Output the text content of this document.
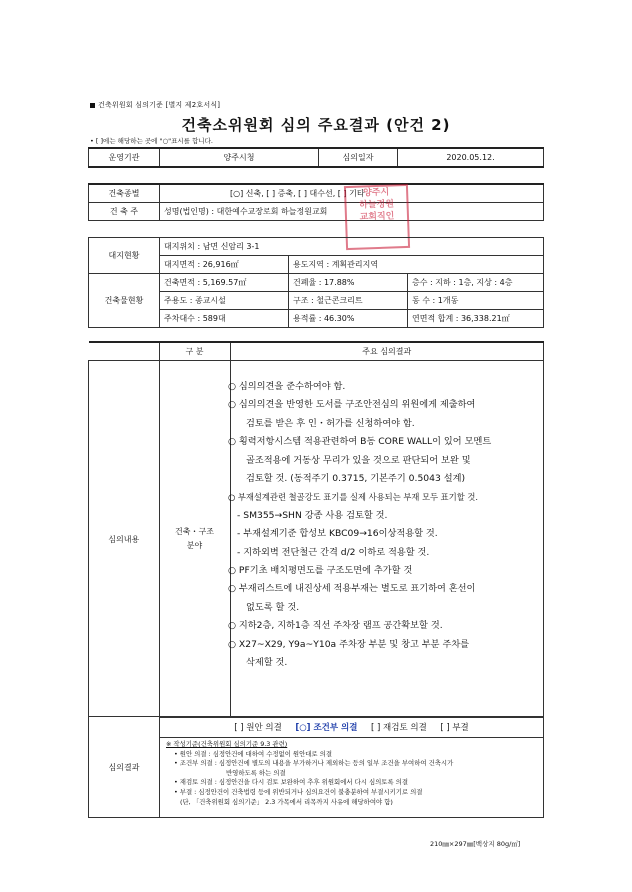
건축위원회 심의기준 [별지 제2호서식]
건축소위원회 심의 주요결과 (안건 2)
• [ ]에는 해당하는 곳에 "○"표시를 합니다.
운영기관	양주시청	심의일자	2020.05.12.
건축종별	[○] 신축, [ ] 증축, [ ] 대수선, [ ] 기타
건 축 주	성명(법인명) : 대한예수교장로회 하늘정원교회
양주시
하늘정원
교회직인
대지현황	대지위치 : 남면 신암리 3-1		
	대지면적 : 26,916㎡	용도지역 : 계획관리지역	
건축물현황	건축면적 : 5,169.57㎡	건폐율 : 17.88%	층수 : 지하 : 1층, 지상 : 4층
	주용도 : 종교시설	구조 : 철근콘크리트	동 수 : 1개동
	주차대수 : 589대	용적률 : 46.30%	연면적 합계 : 36,338.21㎡
	구 분	주요 심의결과
심의내용	건축・구조
분야	
○ 심의의견을 준수하여야 함.
○ 심의의견을 반영한 도서를 구조안전심의 위원에게 제출하여
검토를 받은 후 인・허가를 신청하여야 함.
○ 횡력저항시스템 적용관련하여 B동 CORE WALL이 있어 모멘트
골조적용에 거동상 무리가 있을 것으로 판단되어 보완 및
검토할 것. (동적주기 0.3715, 기본주기 0.5043 설계)
○ 부재설계관련 철골강도 표기를 실제 사용되는 부재 모두 표기할 것.
- SM355→SHN 강종 사용 검토할 것.
- 부재설계기준 합성보 KBC09→16이상적용할 것.
- 지하외벽 전단철근 간격 d/2 이하로 적용할 것.
○ PF기초 배치평면도를 구조도면에 추가할 것
○ 부재리스트에 내진상세 적용부재는 별도로 표기하여 혼선이
없도록 할 것.
○ 지하2층, 지하1층 직선 주차장 램프 공간확보할 것.
○ X27~X29, Y9a~Y10a 주차장 부분 및 창고 부분 주차를
삭제할 것.
심의결과	[ ] 원안 의결 [○] 조건부 의결 [ ] 재검토 의결 [ ] 부결

※ 작성기준(건축위원회 심의기준 9.3 관련)
• 원안 의결 : 심정안건에 대하여 수정없이 원안대로 의결
• 조건부 의결 : 심정안건에 별도의 내용을 부가하거나 제외하는 등의 일부 조건을 부여하여 건축시가
반영하도록 하는 의결
• 재검토 의결 : 심정안건을 다시 검토 보완하여 추후 위원회에서 다시 심의토록 의결
• 부결 : 심정안건이 건축법령 등에 위반되거나 심의요건이 불충분하여 부결시키기로 의결
(단, 「건축위원회 심의기준」 2.3 가목에서 리목까지 사유에 해당하여야 함)
210㎜×297㎜[백상지 80g/㎡]
